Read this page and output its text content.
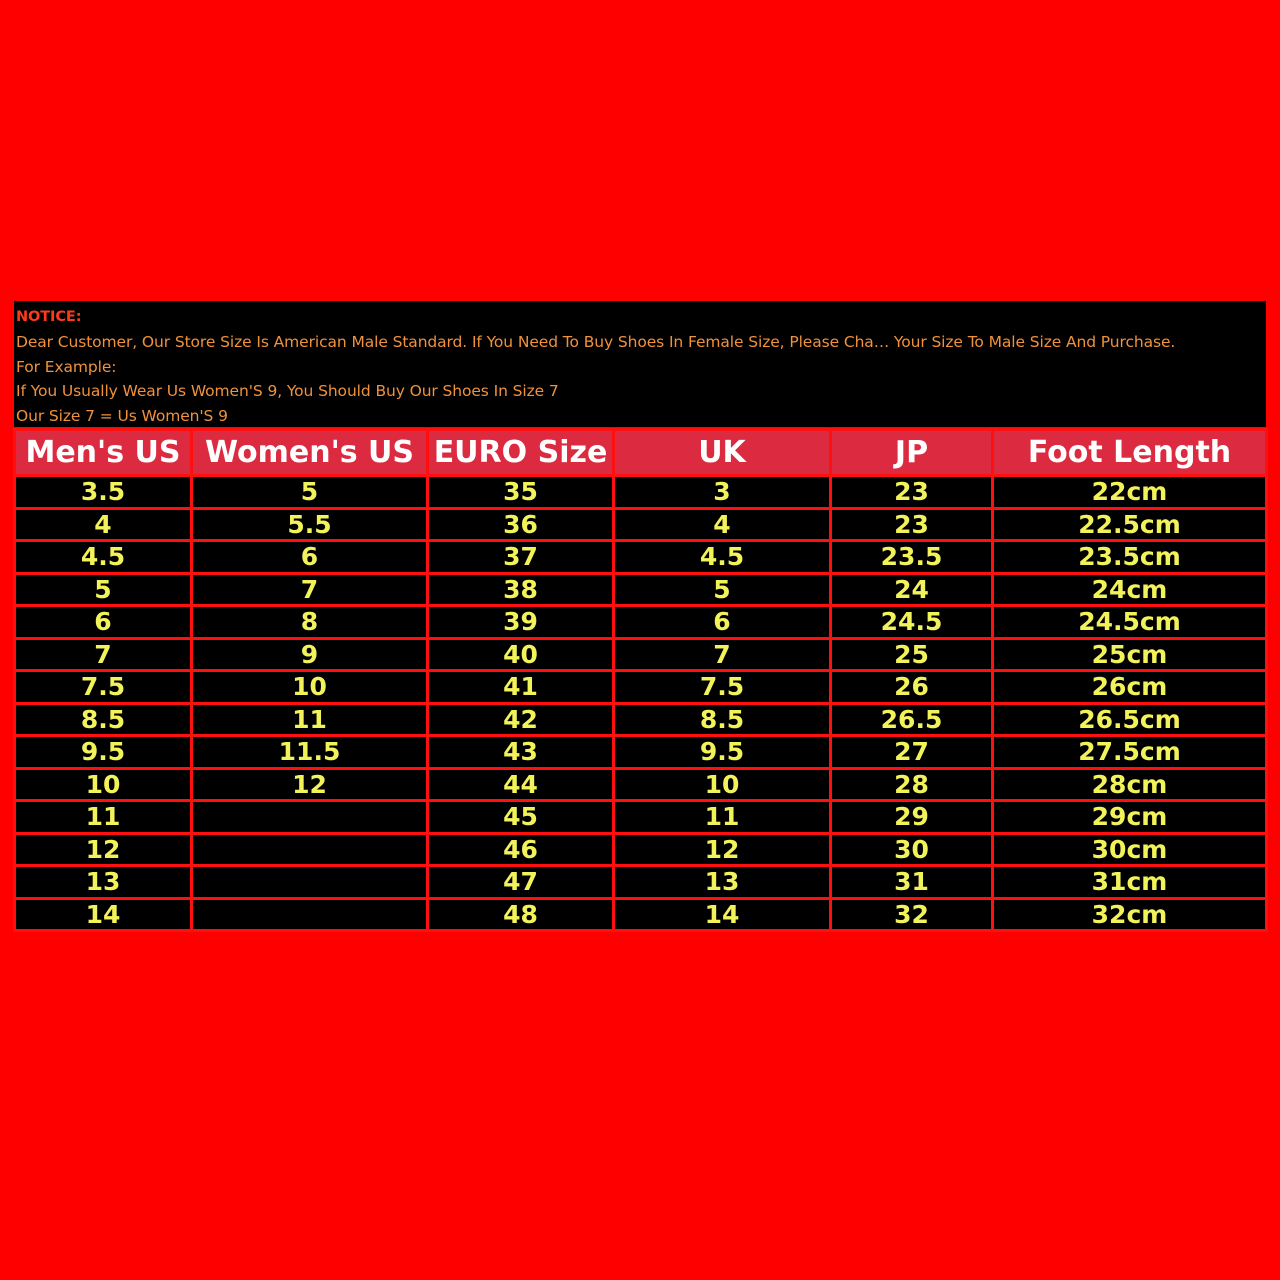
NOTICE:
Dear Customer, Our Store Size Is American Male Standard. If You Need To Buy Shoes In Female Size, Please Cha… Your Size To Male Size And Purchase.
For Example:
If You Usually Wear Us Women'S 9, You Should Buy Our Shoes In Size 7
Our Size 7 = Us Women'S 9
Men's US	Women's US	EURO Size	UK	JP	Foot Length
3.5	5	35	3	23	22cm
4	5.5	36	4	23	22.5cm
4.5	6	37	4.5	23.5	23.5cm
5	7	38	5	24	24cm
6	8	39	6	24.5	24.5cm
7	9	40	7	25	25cm
7.5	10	41	7.5	26	26cm
8.5	11	42	8.5	26.5	26.5cm
9.5	11.5	43	9.5	27	27.5cm
10	12	44	10	28	28cm
11		45	11	29	29cm
12		46	12	30	30cm
13		47	13	31	31cm
14		48	14	32	32cm
